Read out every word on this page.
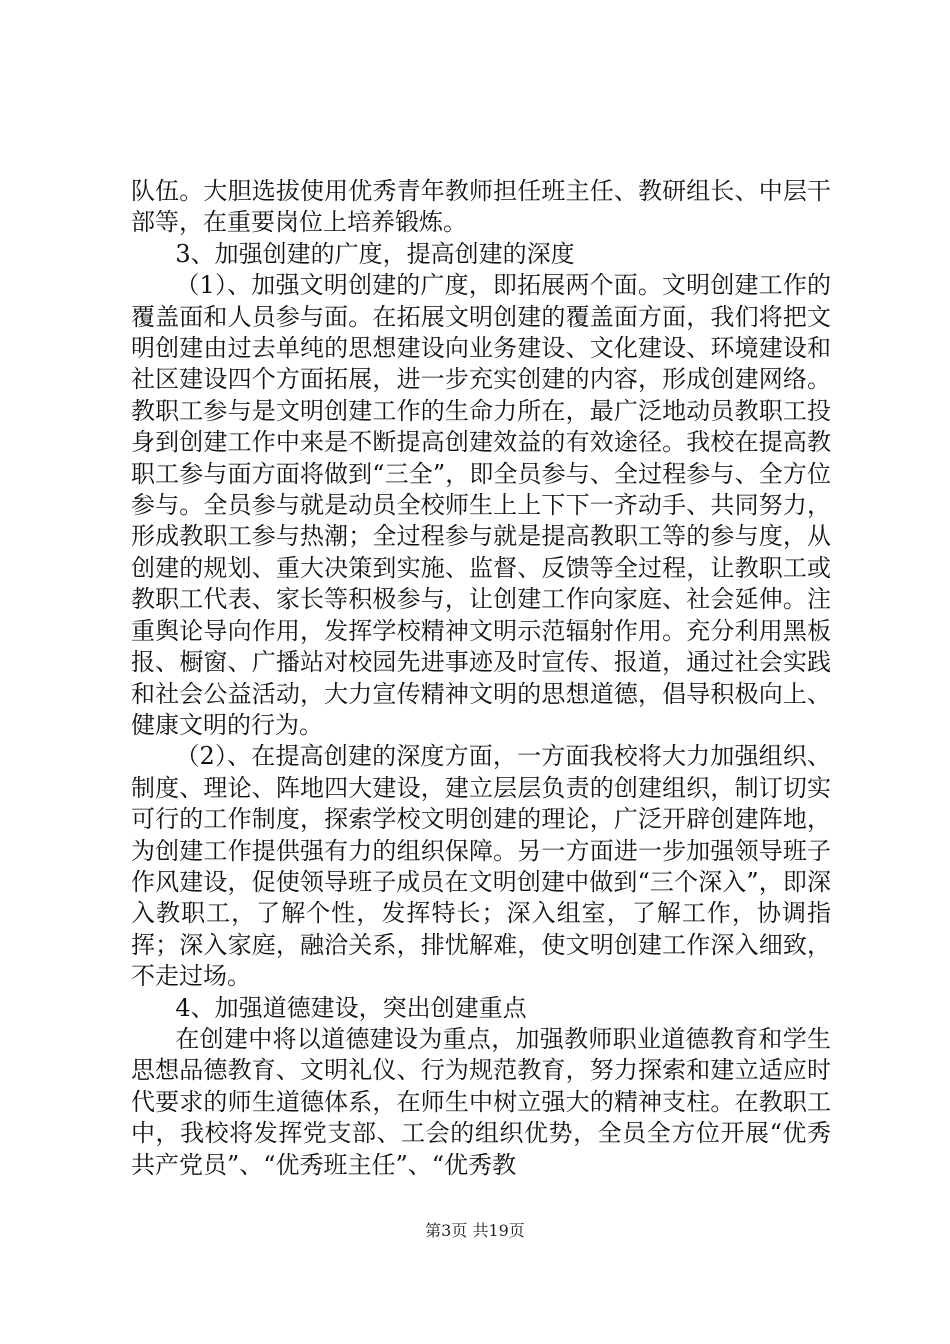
队伍。大胆选拔使用优秀青年教师担任班主任、教研组长、中层干部等，在重要岗位上培养锻炼。

3、加强创建的广度，提高创建的深度

（1）、加强文明创建的广度，即拓展两个面。文明创建工作的覆盖面和人员参与面。在拓展文明创建的覆盖面方面，我们将把文明创建由过去单纯的思想建设向业务建设、文化建设、环境建设和社区建设四个方面拓展，进一步充实创建的内容，形成创建网络。教职工参与是文明创建工作的生命力所在，最广泛地动员教职工投身到创建工作中来是不断提高创建效益的有效途径。我校在提高教职工参与面方面将做到“三全”，即全员参与、全过程参与、全方位参与。全员参与就是动员全校师生上上下下一齐动手、共同努力，形成教职工参与热潮；全过程参与就是提高教职工等的参与度，从创建的规划、重大决策到实施、监督、反馈等全过程，让教职工或教职工代表、家长等积极参与，让创建工作向家庭、社会延伸。注重舆论导向作用，发挥学校精神文明示范辐射作用。充分利用黑板报、橱窗、广播站对校园先进事迹及时宣传、报道，通过社会实践和社会公益活动，大力宣传精神文明的思想道德，倡导积极向上、健康文明的行为。

（2）、在提高创建的深度方面，一方面我校将大力加强组织、制度、理论、阵地四大建设，建立层层负责的创建组织，制订切实可行的工作制度，探索学校文明创建的理论，广泛开辟创建阵地，为创建工作提供强有力的组织保障。另一方面进一步加强领导班子作风建设，促使领导班子成员在文明创建中做到“三个深入”，即深入教职工，了解个性，发挥特长；深入组室，了解工作，协调指挥；深入家庭，融洽关系，排忧解难，使文明创建工作深入细致，不走过场。

4、加强道德建设，突出创建重点

在创建中将以道德建设为重点，加强教师职业道德教育和学生思想品德教育、文明礼仪、行为规范教育，努力探索和建立适应时代要求的师生道德体系，在师生中树立强大的精神支柱。在教职工中，我校将发挥党支部、工会的组织优势，全员全方位开展“优秀共产党员”、“优秀班主任”、“优秀教

第3页 共19页
